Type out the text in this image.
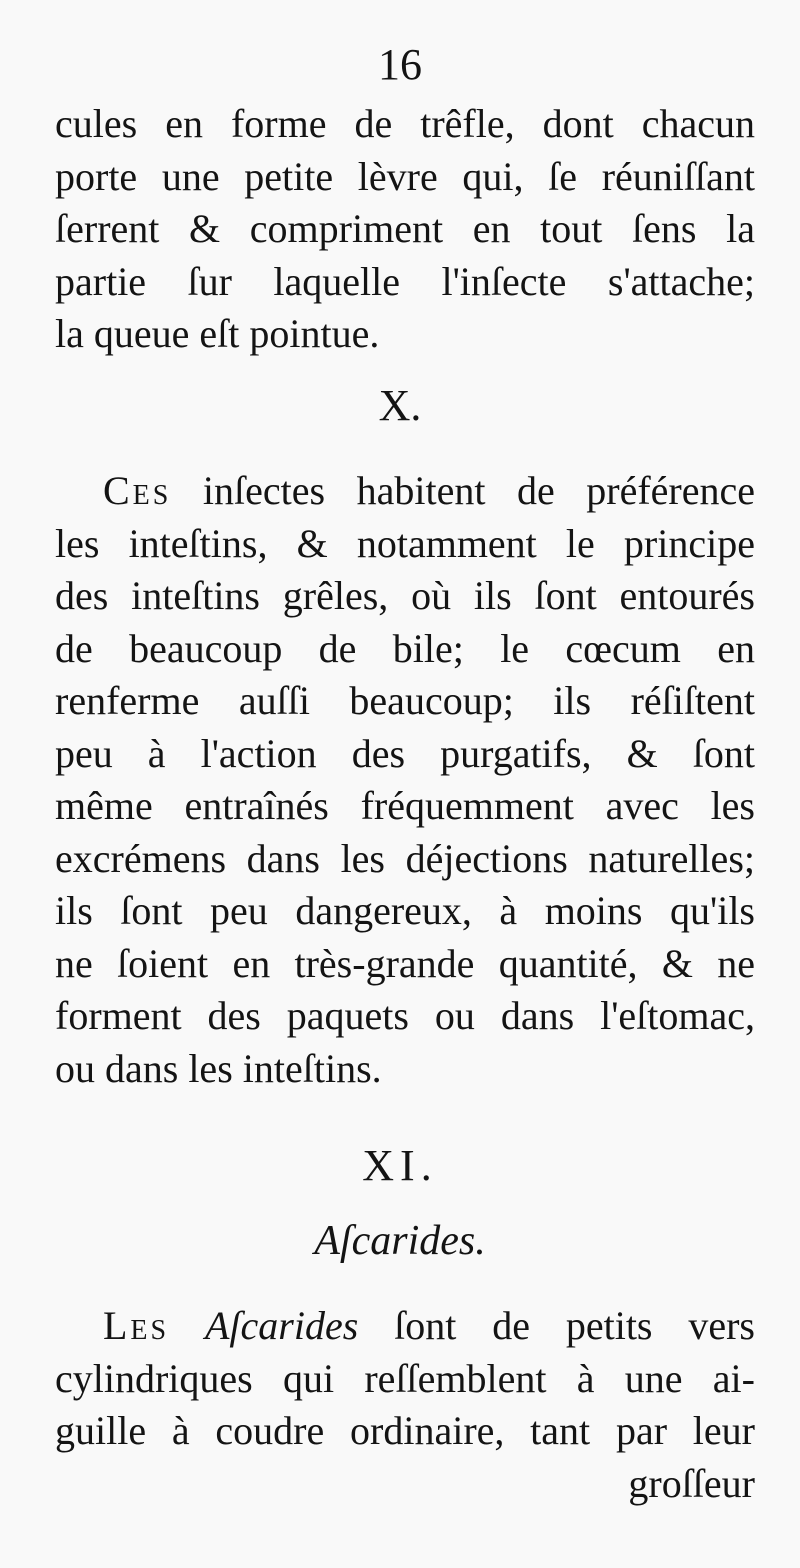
16
cules en forme de trêfle, dont chacun
porte une petite lèvre qui, ſe réuniſſant
ſerrent & compriment en tout ſens la
partie ſur laquelle l'inſecte s'attache;
la queue eſt pointue.
X.
Ces inſectes habitent de préférence
les inteſtins, & notamment le principe
des inteſtins grêles, où ils ſont entourés
de beaucoup de bile; le cœcum en
renferme auſſi beaucoup; ils réſiſtent
peu à l'action des purgatifs, & ſont
même entraînés fréquemment avec les
excrémens dans les déjections naturelles;
ils ſont peu dangereux, à moins qu'ils
ne ſoient en très-grande quantité, & ne
forment des paquets ou dans l'eſtomac,
ou dans les inteſtins.
XI.
Aſcarides.
Les Aſcarides ſont de petits vers
cylindriques qui reſſemblent à une ai-
guille à coudre ordinaire, tant par leur
groſſeur
